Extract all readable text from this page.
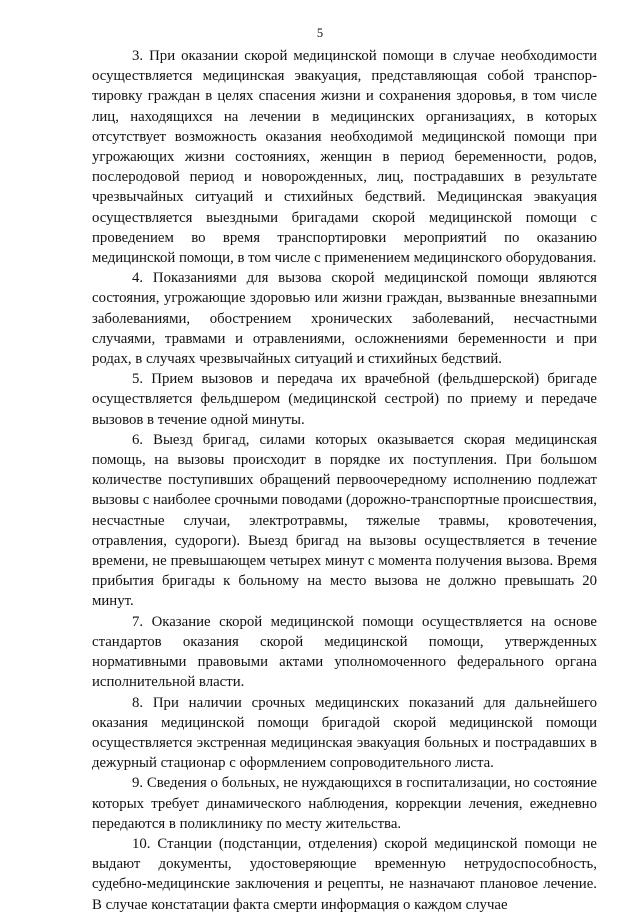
5

3. При оказании скорой медицинской помощи в случае необходимости осуществляется медицинская эвакуация, представляющая собой транспортировку граждан в целях спасения жизни и сохранения здоровья, в том числе лиц, находящихся на лечении в медицинских организациях, в которых отсутствует возможность оказания необходимой медицинской помощи при угрожающих жизни состояниях, женщин в период беременности, родов, послеродовой период и новорожденных, лиц, пострадавших в результате чрезвычайных ситуаций и стихийных бедствий. Медицинская эвакуация осуществляется выездными бригадами скорой медицинской помощи с проведением во время транспортировки мероприятий по оказанию медицинской помощи, в том числе с применением медицинского оборудования.

4. Показаниями для вызова скорой медицинской помощи являются состояния, угрожающие здоровью или жизни граждан, вызванные внезапными заболеваниями, обострением хронических заболеваний, несчастными случаями, травмами и отравлениями, осложнениями беременности и при родах, в случаях чрезвычайных ситуаций и стихийных бедствий.

5. Прием вызовов и передача их врачебной (фельдшерской) бригаде осуществляется фельдшером (медицинской сестрой) по приему и передаче вызовов в течение одной минуты.

6. Выезд бригад, силами которых оказывается скорая медицинская помощь, на вызовы происходит в порядке их поступления. При большом количестве поступивших обращений первоочередному исполнению подлежат вызовы с наиболее срочными поводами (дорожно-транспортные происшествия, несчастные случаи, электротравмы, тяжелые травмы, кровотечения, отравления, судороги). Выезд бригад на вызовы осуществляется в течение времени, не превышающем четырех минут с момента получения вызова. Время прибытия бригады к больному на место вызова не должно превышать 20 минут.

7. Оказание скорой медицинской помощи осуществляется на основе стандартов оказания скорой медицинской помощи, утвержденных нормативными правовыми актами уполномоченного федерального органа исполнительной власти.

8. При наличии срочных медицинских показаний для дальнейшего оказания медицинской помощи бригадой скорой медицинской помощи осуществляется экстренная медицинская эвакуация больных и пострадавших в дежурный стационар с оформлением сопроводительного листа.

9. Сведения о больных, не нуждающихся в госпитализации, но состояние которых требует динамического наблюдения, коррекции лечения, ежедневно передаются в поликлинику по месту жительства.

10. Станции (подстанции, отделения) скорой медицинской помощи не выдают документы, удостоверяющие временную нетрудоспособность, судебно-медицинские заключения и рецепты, не назначают плановое лечение. В случае констатации факта смерти информация о каждом случае
